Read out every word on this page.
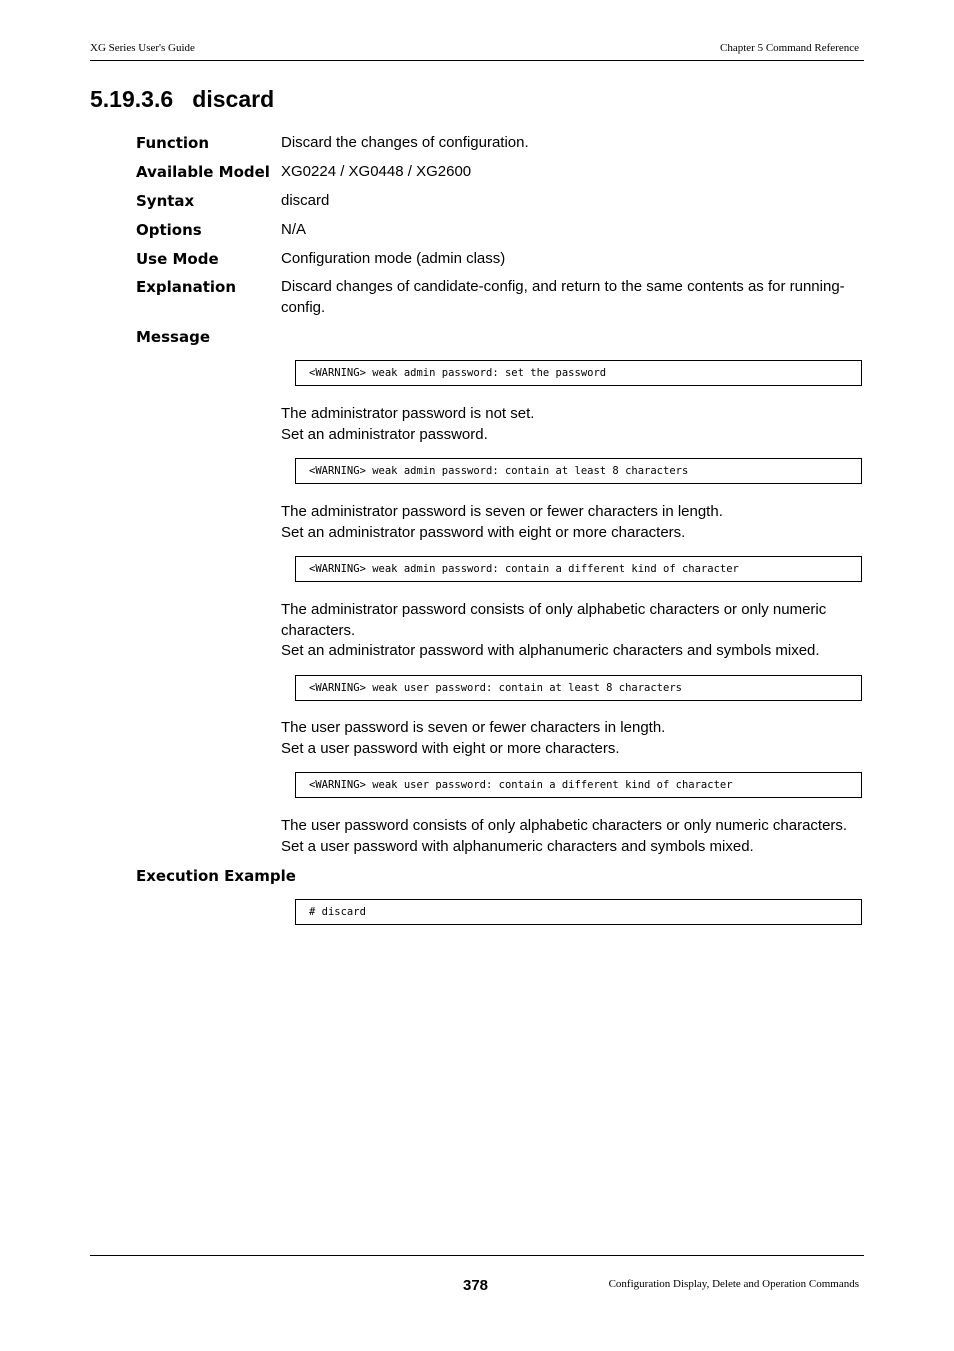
XG Series User's Guide	Chapter 5 Command Reference
5.19.3.6   discard
Function	Discard the changes of configuration.
Available Model XG0224 / XG0448 / XG2600
Syntax	discard
Options	N/A
Use Mode	Configuration mode (admin class)
Explanation	Discard changes of candidate-config, and return to the same contents as for running-config.
Message
<WARNING> weak admin password: set the password
The administrator password is not set.
Set an administrator password.
<WARNING> weak admin password: contain at least 8 characters
The administrator password is seven or fewer characters in length.
Set an administrator password with eight or more characters.
<WARNING> weak admin password: contain a different kind of character
The administrator password consists of only alphabetic characters or only numeric characters.
Set an administrator password with alphanumeric characters and symbols mixed.
<WARNING> weak user password: contain at least 8 characters
The user password is seven or fewer characters in length.
Set a user password with eight or more characters.
<WARNING> weak user password: contain a different kind of character
The user password consists of only alphabetic characters or only numeric characters.
Set a user password with alphanumeric characters and symbols mixed.
Execution Example
# discard
378	Configuration Display, Delete and Operation Commands
